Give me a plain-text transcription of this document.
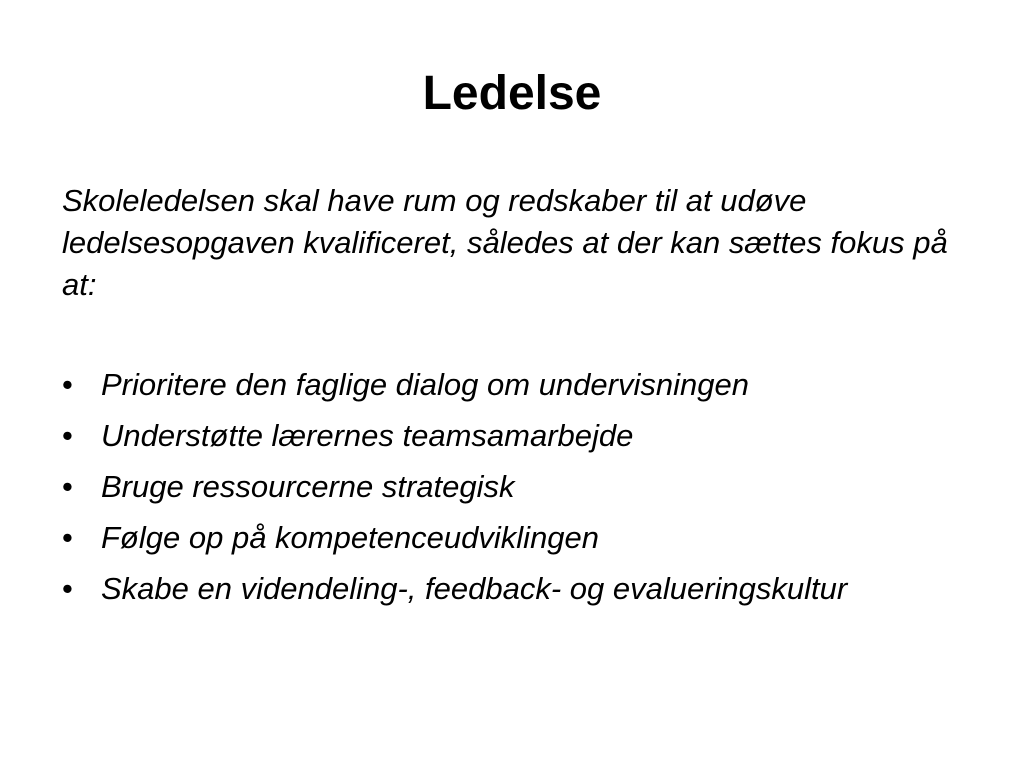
Ledelse

Skoleledelsen skal have rum og redskaber til at udøve ledelsesopgaven kvalificeret, således at der kan sættes fokus på at:

• Prioritere den faglige dialog om undervisningen
• Understøtte lærernes teamsamarbejde
• Bruge ressourcerne strategisk
• Følge op på kompetenceudviklingen
• Skabe en videndeling-, feedback- og evalueringskultur
